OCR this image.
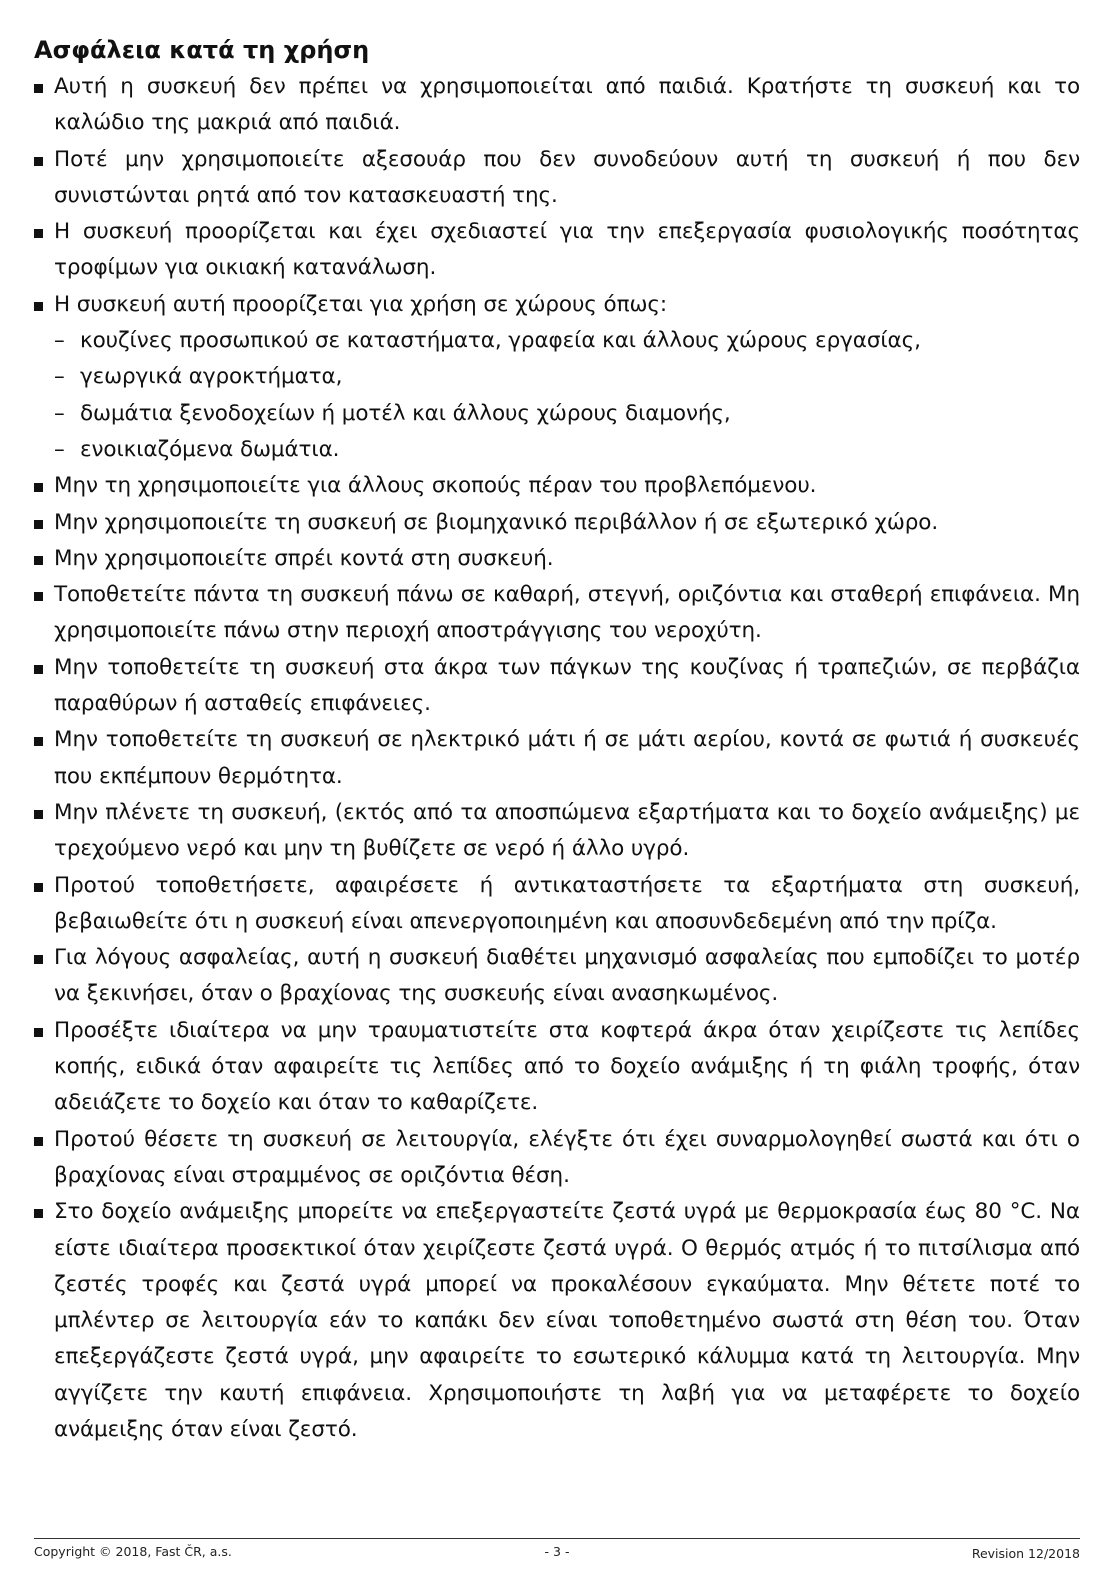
Ασφάλεια κατά τη χρήση
Αυτή η συσκευή δεν πρέπει να χρησιμοποιείται από παιδιά. Κρατήστε τη συσκευή και το καλώδιο της μακριά από παιδιά.
Ποτέ μην χρησιμοποιείτε αξεσουάρ που δεν συνοδεύουν αυτή τη συσκευή ή που δεν συνιστώνται ρητά από τον κατασκευαστή της.
Η συσκευή προορίζεται και έχει σχεδιαστεί για την επεξεργασία φυσιολογικής ποσότητας τροφίμων για οικιακή κατανάλωση.
Η συσκευή αυτή προορίζεται για χρήση σε χώρους όπως:
– κουζίνες προσωπικού σε καταστήματα, γραφεία και άλλους χώρους εργασίας,
– γεωργικά αγροκτήματα,
– δωμάτια ξενοδοχείων ή μοτέλ και άλλους χώρους διαμονής,
– ενοικιαζόμενα δωμάτια.
Μην τη χρησιμοποιείτε για άλλους σκοπούς πέραν του προβλεπόμενου.
Μην χρησιμοποιείτε τη συσκευή σε βιομηχανικό περιβάλλον ή σε εξωτερικό χώρο.
Μην χρησιμοποιείτε σπρέι κοντά στη συσκευή.
Τοποθετείτε πάντα τη συσκευή πάνω σε καθαρή, στεγνή, οριζόντια και σταθερή επιφάνεια. Μη χρησιμοποιείτε πάνω στην περιοχή αποστράγγισης του νεροχύτη.
Μην τοποθετείτε τη συσκευή στα άκρα των πάγκων της κουζίνας ή τραπεζιών, σε περβάζια παραθύρων ή ασταθείς επιφάνειες.
Μην τοποθετείτε τη συσκευή σε ηλεκτρικό μάτι ή σε μάτι αερίου, κοντά σε φωτιά ή συσκευές που εκπέμπουν θερμότητα.
Μην πλένετε τη συσκευή, (εκτός από τα αποσπώμενα εξαρτήματα και το δοχείο ανάμειξης) με τρεχούμενο νερό και μην τη βυθίζετε σε νερό ή άλλο υγρό.
Προτού τοποθετήσετε, αφαιρέσετε ή αντικαταστήσετε τα εξαρτήματα στη συσκευή, βεβαιωθείτε ότι η συσκευή είναι απενεργοποιημένη και αποσυνδεδεμένη από την πρίζα.
Για λόγους ασφαλείας, αυτή η συσκευή διαθέτει μηχανισμό ασφαλείας που εμποδίζει το μοτέρ να ξεκινήσει, όταν ο βραχίονας της συσκευής είναι ανασηκωμένος.
Προσέξτε ιδιαίτερα να μην τραυματιστείτε στα κοφτερά άκρα όταν χειρίζεστε τις λεπίδες κοπής, ειδικά όταν αφαιρείτε τις λεπίδες από το δοχείο ανάμιξης ή τη φιάλη τροφής, όταν αδειάζετε το δοχείο και όταν το καθαρίζετε.
Προτού θέσετε τη συσκευή σε λειτουργία, ελέγξτε ότι έχει συναρμολογηθεί σωστά και ότι ο βραχίονας είναι στραμμένος σε οριζόντια θέση.
Στο δοχείο ανάμειξης μπορείτε να επεξεργαστείτε ζεστά υγρά με θερμοκρασία έως 80 °C. Να είστε ιδιαίτερα προσεκτικοί όταν χειρίζεστε ζεστά υγρά. Ο θερμός ατμός ή το πιτσίλισμα από ζεστές τροφές και ζεστά υγρά μπορεί να προκαλέσουν εγκαύματα. Μην θέτετε ποτέ το μπλέντερ σε λειτουργία εάν το καπάκι δεν είναι τοποθετημένο σωστά στη θέση του. Όταν επεξεργάζεστε ζεστά υγρά, μην αφαιρείτε το εσωτερικό κάλυμμα κατά τη λειτουργία. Μην αγγίζετε την καυτή επιφάνεια. Χρησιμοποιήστε τη λαβή για να μεταφέρετε το δοχείο ανάμειξης όταν είναι ζεστό.
Copyright © 2018, Fast ČR, a.s.	- 3 -	Revision 12/2018
